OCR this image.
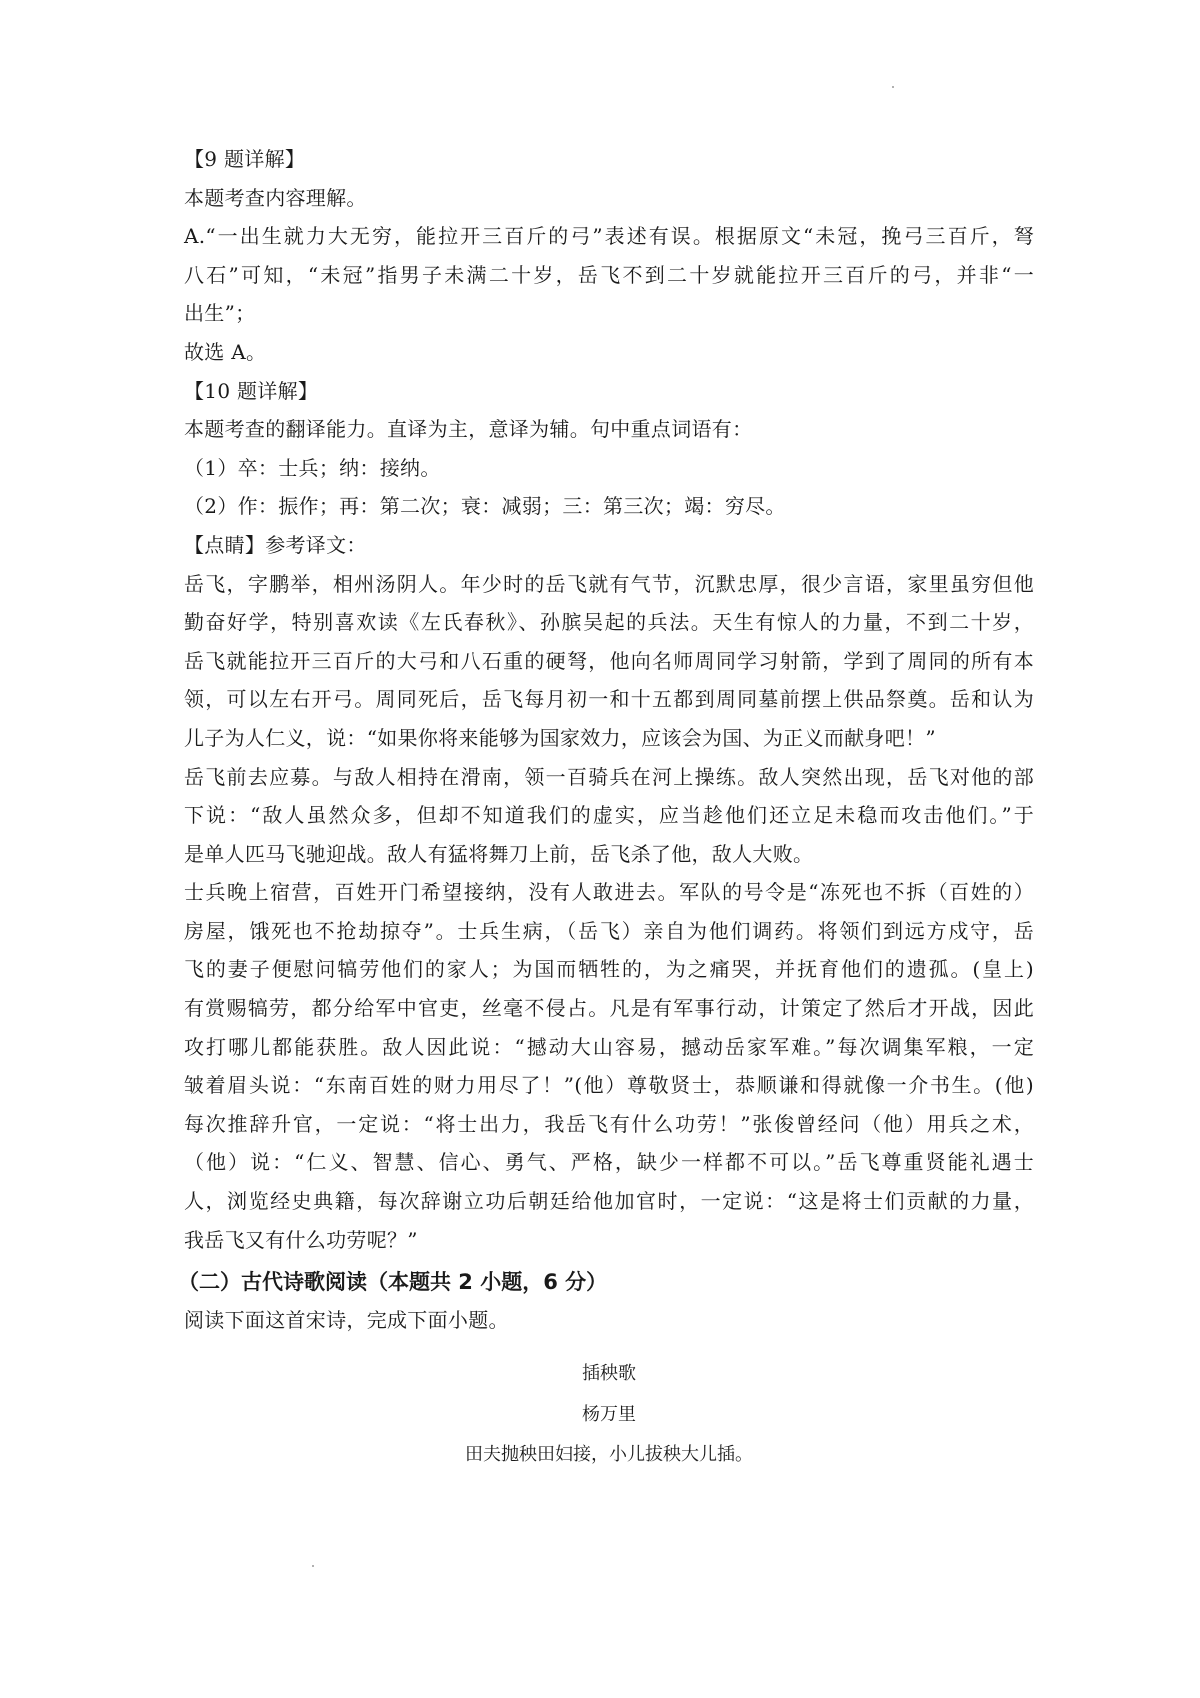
【9 题详解】
本题考查内容理解。
A.“一出生就力大无穷，能拉开三百斤的弓”表述有误。根据原文“未冠，挽弓三百斤，弩
八石”可知，“未冠”指男子未满二十岁，岳飞不到二十岁就能拉开三百斤的弓，并非“一
出生”；
故选 A。
【10 题详解】
本题考查的翻译能力。直译为主，意译为辅。句中重点词语有：
（1）卒：士兵；纳：接纳。
（2）作：振作；再：第二次；衰：减弱；三：第三次；竭：穷尽。
【点睛】参考译文：
岳飞，字鹏举，相州汤阴人。年少时的岳飞就有气节，沉默忠厚，很少言语，家里虽穷但他
勤奋好学，特别喜欢读《左氏春秋》、孙膑吴起的兵法。天生有惊人的力量，不到二十岁，
岳飞就能拉开三百斤的大弓和八石重的硬弩，他向名师周同学习射箭，学到了周同的所有本
领，可以左右开弓。周同死后，岳飞每月初一和十五都到周同墓前摆上供品祭奠。岳和认为
儿子为人仁义，说：“如果你将来能够为国家效力，应该会为国、为正义而献身吧！”
岳飞前去应募。与敌人相持在滑南，领一百骑兵在河上操练。敌人突然出现，岳飞对他的部
下说：“敌人虽然众多，但却不知道我们的虚实，应当趁他们还立足未稳而攻击他们。”于
是单人匹马飞驰迎战。敌人有猛将舞刀上前，岳飞杀了他，敌人大败。
士兵晚上宿营，百姓开门希望接纳，没有人敢进去。军队的号令是“冻死也不拆（百姓的）
房屋，饿死也不抢劫掠夺”。士兵生病，（岳飞）亲自为他们调药。将领们到远方戍守，岳
飞的妻子便慰问犒劳他们的家人；为国而牺牲的，为之痛哭，并抚育他们的遗孤。(皇上)
有赏赐犒劳，都分给军中官吏，丝毫不侵占。凡是有军事行动，计策定了然后才开战，因此
攻打哪儿都能获胜。敌人因此说：“撼动大山容易，撼动岳家军难。”每次调集军粮，一定
皱着眉头说：“东南百姓的财力用尽了！”(他）尊敬贤士，恭顺谦和得就像一介书生。(他)
每次推辞升官，一定说：“将士出力，我岳飞有什么功劳！”张俊曾经问（他）用兵之术，
（他）说：“仁义、智慧、信心、勇气、严格，缺少一样都不可以。”岳飞尊重贤能礼遇士
人，浏览经史典籍，每次辞谢立功后朝廷给他加官时，一定说：“这是将士们贡献的力量，
我岳飞又有什么功劳呢？”
（二）古代诗歌阅读（本题共 2 小题，6 分）
阅读下面这首宋诗，完成下面小题。
插秧歌
杨万里
田夫抛秧田妇接，小儿拔秧大儿插。
